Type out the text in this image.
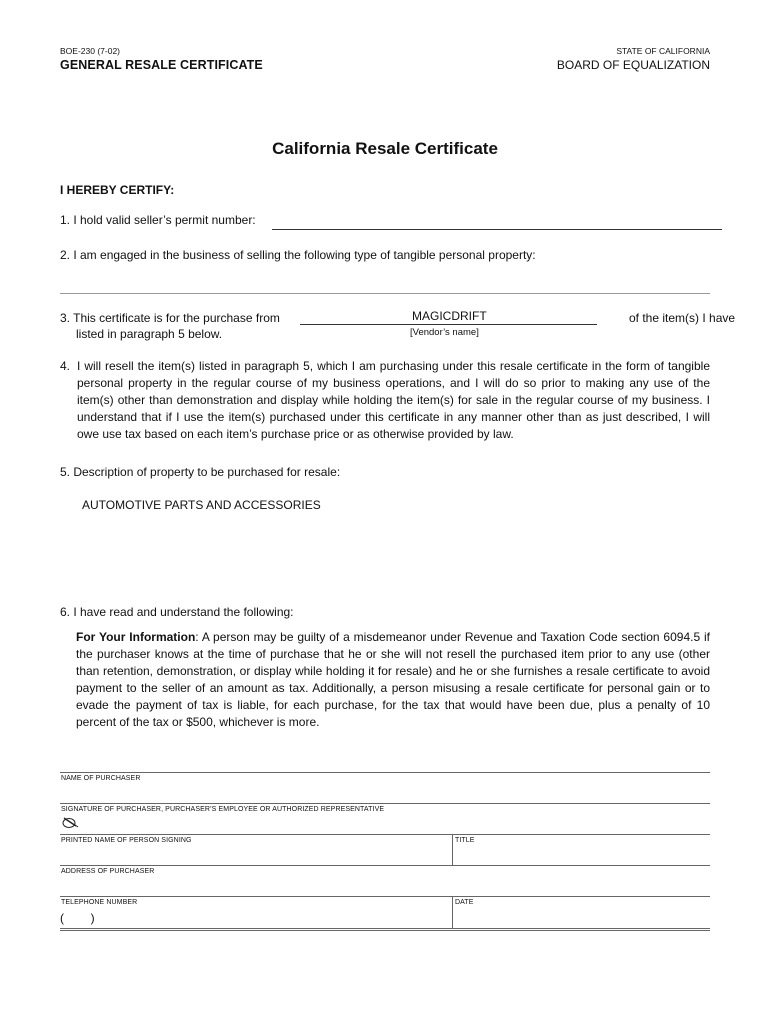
BOE-230 (7-02)
GENERAL RESALE CERTIFICATE
STATE OF CALIFORNIA
BOARD OF EQUALIZATION
California Resale Certificate
I HEREBY CERTIFY:
1. I hold valid seller’s permit number:
2. I am engaged in the business of selling the following type of tangible personal property:
3. This certificate is for the purchase from
listed in paragraph 5 below.
MAGICDRIFT
[Vendor’s name]
of the item(s) I have
4. I will resell the item(s) listed in paragraph 5, which I am purchasing under this resale certificate in the form of tangible personal property in the regular course of my business operations, and I will do so prior to making any use of the item(s) other than demonstration and display while holding the item(s) for sale in the regular course of my business. I understand that if I use the item(s) purchased under this certificate in any manner other than as just described, I will owe use tax based on each item’s purchase price or as otherwise provided by law.
5. Description of property to be purchased for resale:
AUTOMOTIVE PARTS AND ACCESSORIES
6. I have read and understand the following:
For Your Information: A person may be guilty of a misdemeanor under Revenue and Taxation Code section 6094.5 if the purchaser knows at the time of purchase that he or she will not resell the purchased item prior to any use (other than retention, demonstration, or display while holding it for resale) and he or she furnishes a resale certificate to avoid payment to the seller of an amount as tax. Additionally, a person misusing a resale certificate for personal gain or to evade the payment of tax is liable, for each purchase, for the tax that would have been due, plus a penalty of 10 percent of the tax or $500, whichever is more.
NAME OF PURCHASER
SIGNATURE OF PURCHASER, PURCHASER’S EMPLOYEE OR AUTHORIZED REPRESENTATIVE
PRINTED NAME OF PERSON SIGNING	TITLE
ADDRESS OF PURCHASER
TELEPHONE NUMBER
(        )
DATE
